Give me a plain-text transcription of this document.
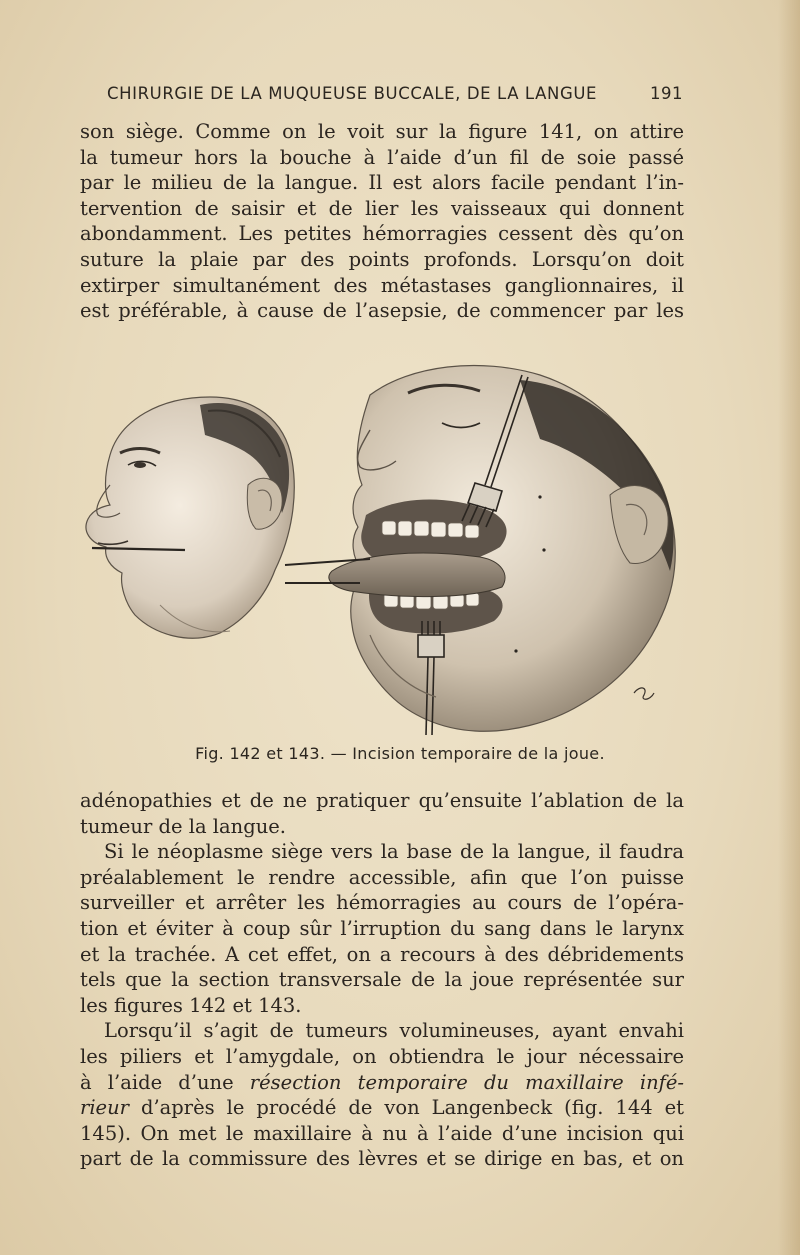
CHIRURGIE DE LA MUQUEUSE BUCCALE, DE LA LANGUE	191
son siège. Comme on le voit sur la figure 141, on attire
la tumeur hors la bouche à l’aide d’un fil de soie passé
par le milieu de la langue. Il est alors facile pendant l’in-
tervention de saisir et de lier les vaisseaux qui donnent
abondamment. Les petites hémorragies cessent dès qu’on
suture la plaie par des points profonds. Lorsqu’on doit
extirper simultanément des métastases ganglionnaires, il
est préférable, à cause de l’asepsie, de commencer par les
Fig. 142 et 143. — Incision temporaire de la joue.
adénopathies et de ne pratiquer qu’ensuite l’ablation de la
tumeur de la langue.
Si le néoplasme siège vers la base de la langue, il faudra
préalablement le rendre accessible, afin que l’on puisse
surveiller et arrêter les hémorragies au cours de l’opéra-
tion et éviter à coup sûr l’irruption du sang dans le larynx
et la trachée. A cet effet, on a recours à des débridements
tels que la section transversale de la joue représentée sur
les figures 142 et 143.
Lorsqu’il s’agit de tumeurs volumineuses, ayant envahi
les piliers et l’amygdale, on obtiendra le jour nécessaire
à l’aide d’une résection temporaire du maxillaire infé-
rieur d’après le procédé de von Langenbeck (fig. 144 et
145). On met le maxillaire à nu à l’aide d’une incision qui
part de la commissure des lèvres et se dirige en bas, et on
